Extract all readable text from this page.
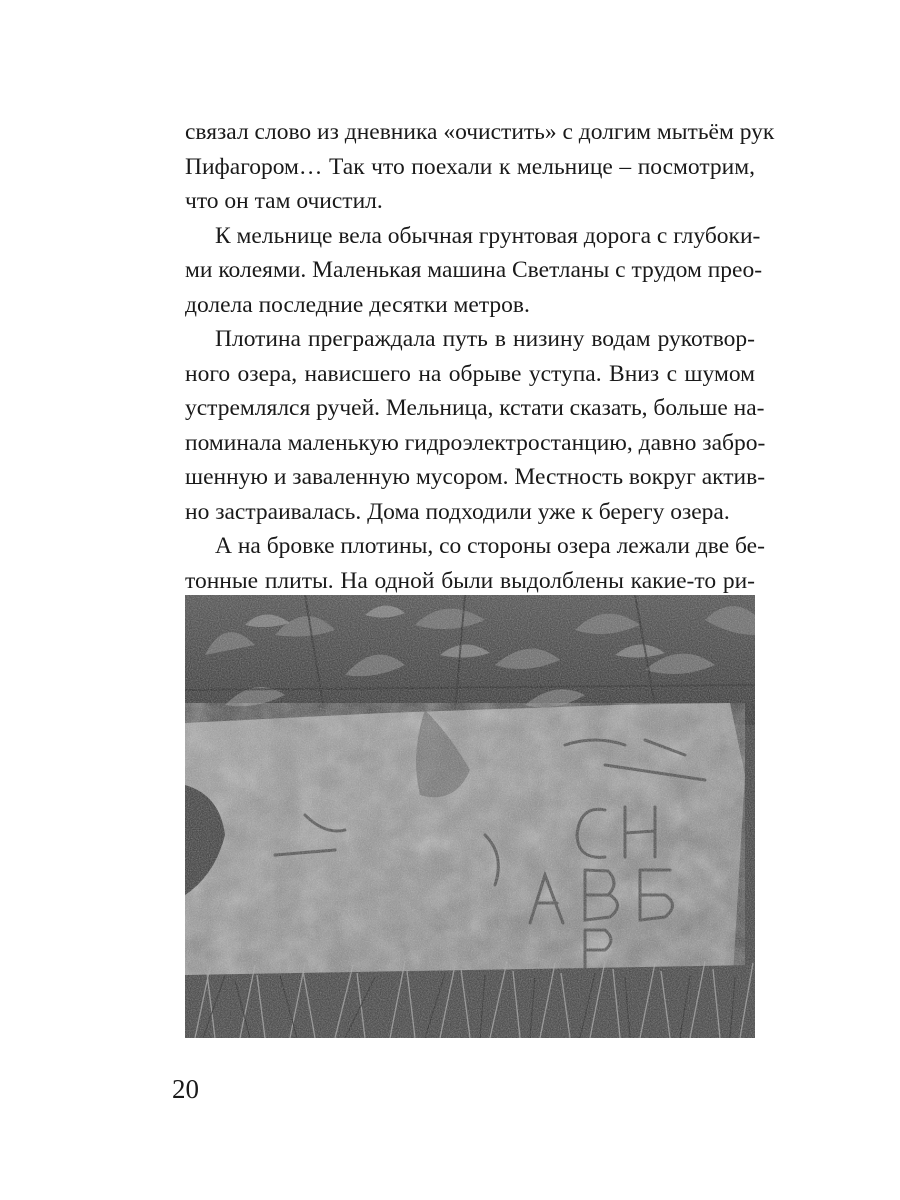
связал слово из дневника «очистить» с долгим мытьём рук
Пифагором… Так что поехали к мельнице – посмотрим,
что он там очистил.
К мельнице вела обычная грунтовая дорога с глубоки-
ми колеями. Маленькая машина Светланы с трудом прео-
долела последние десятки метров.
Плотина преграждала путь в низину водам рукотвор-
ного озера, нависшего на обрыве уступа. Вниз с шумом
устремлялся ручей. Мельница, кстати сказать, больше на-
поминала маленькую гидроэлектростанцию, давно забро-
шенную и заваленную мусором. Местность вокруг актив-
но застраивалась. Дома подходили уже к берегу озера.
А на бровке плотины, со стороны озера лежали две бе-
тонные плиты. На одной были выдолблены какие-то ри-
20
